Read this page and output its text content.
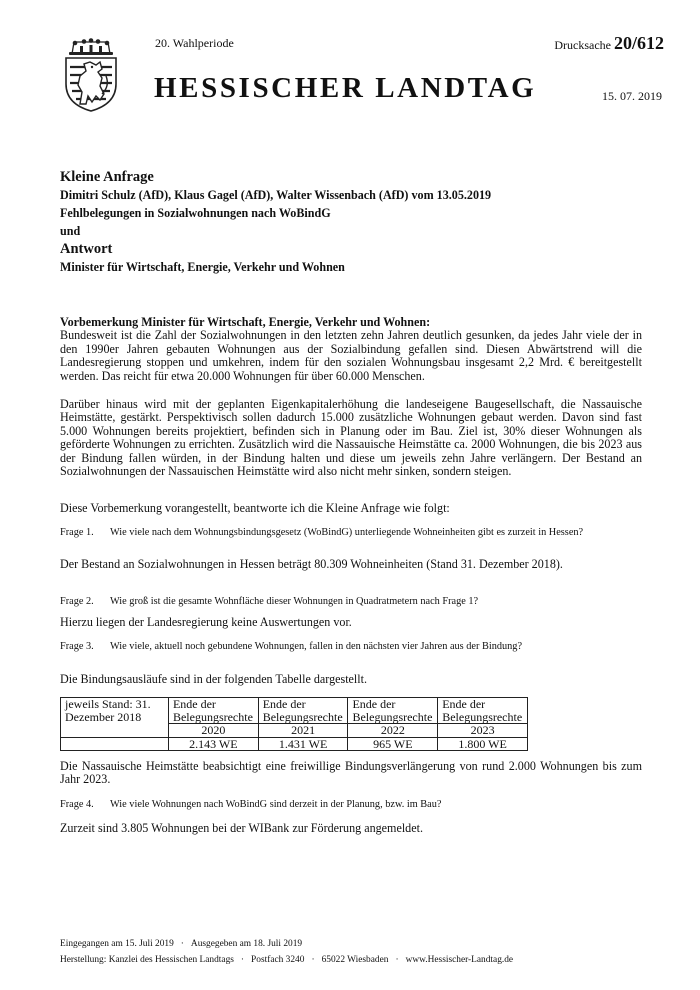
20. Wahlperiode	Drucksache 20/612
HESSISCHER LANDTAG	15. 07. 2019
Kleine Anfrage
Dimitri Schulz (AfD), Klaus Gagel (AfD), Walter Wissenbach (AfD) vom 13.05.2019
Fehlbelegungen in Sozialwohnungen nach WoBindG
und
Antwort
Minister für Wirtschaft, Energie, Verkehr und Wohnen
Vorbemerkung Minister für Wirtschaft, Energie, Verkehr und Wohnen:

Bundesweit ist die Zahl der Sozialwohnungen in den letzten zehn Jahren deutlich gesunken, da jedes Jahr viele der in den 1990er Jahren gebauten Wohnungen aus der Sozialbindung gefallen sind. Diesen Abwärtstrend will die Landesregierung stoppen und umkehren, indem für den sozialen Wohnungsbau insgesamt 2,2 Mrd. € bereitgestellt werden. Das reicht für etwa 20.000 Wohnungen für über 60.000 Menschen.

Darüber hinaus wird mit der geplanten Eigenkapitalerhöhung die landeseigene Baugesellschaft, die Nassauische Heimstätte, gestärkt. Perspektivisch sollen dadurch 15.000 zusätzliche Wohnungen gebaut werden. Davon sind fast 5.000 Wohnungen bereits projektiert, befinden sich in Planung oder im Bau. Ziel ist, 30% dieser Wohnungen als geförderte Wohnungen zu errichten. Zusätzlich wird die Nassauische Heimstätte ca. 2000 Wohnungen, die bis 2023 aus der Bindung fallen würden, in der Bindung halten und diese um jeweils zehn Jahre verlängern. Der Bestand an Sozialwohnungen der Nassauischen Heimstätte wird also nicht mehr sinken, sondern steigen.

Diese Vorbemerkung vorangestellt, beantworte ich die Kleine Anfrage wie folgt:

Frage 1.	Wie viele nach dem Wohnungsbindungsgesetz (WoBindG) unterliegende Wohneinheiten gibt es zurzeit in Hessen?

Der Bestand an Sozialwohnungen in Hessen beträgt 80.309 Wohneinheiten (Stand 31. Dezember 2018).

Frage 2.	Wie groß ist die gesamte Wohnfläche dieser Wohnungen in Quadratmetern nach Frage 1?

Hierzu liegen der Landesregierung keine Auswertungen vor.

Frage 3.	Wie viele, aktuell noch gebundene Wohnungen, fallen in den nächsten vier Jahren aus der Bindung?

Die Bindungsausläufe sind in der folgenden Tabelle dargestellt.

jeweils Stand: 31. Dezember 2018	Ende der Belegungsrechte	Ende der Belegungsrechte	Ende der Belegungsrechte	Ende der Belegungsrechte
	2020	2021	2022	2023
	2.143 WE	1.431 WE	965 WE	1.800 WE

Die Nassauische Heimstätte beabsichtigt eine freiwillige Bindungsverlängerung von rund 2.000 Wohnungen bis zum Jahr 2023.

Frage 4.	Wie viele Wohnungen nach WoBindG sind derzeit in der Planung, bzw. im Bau?

Zurzeit sind 3.805 Wohnungen bei der WIBank zur Förderung angemeldet.

Eingegangen am 15. Juli 2019 · Ausgegeben am 18. Juli 2019
Herstellung: Kanzlei des Hessischen Landtags · Postfach 3240 · 65022 Wiesbaden · www.Hessischer-Landtag.de
